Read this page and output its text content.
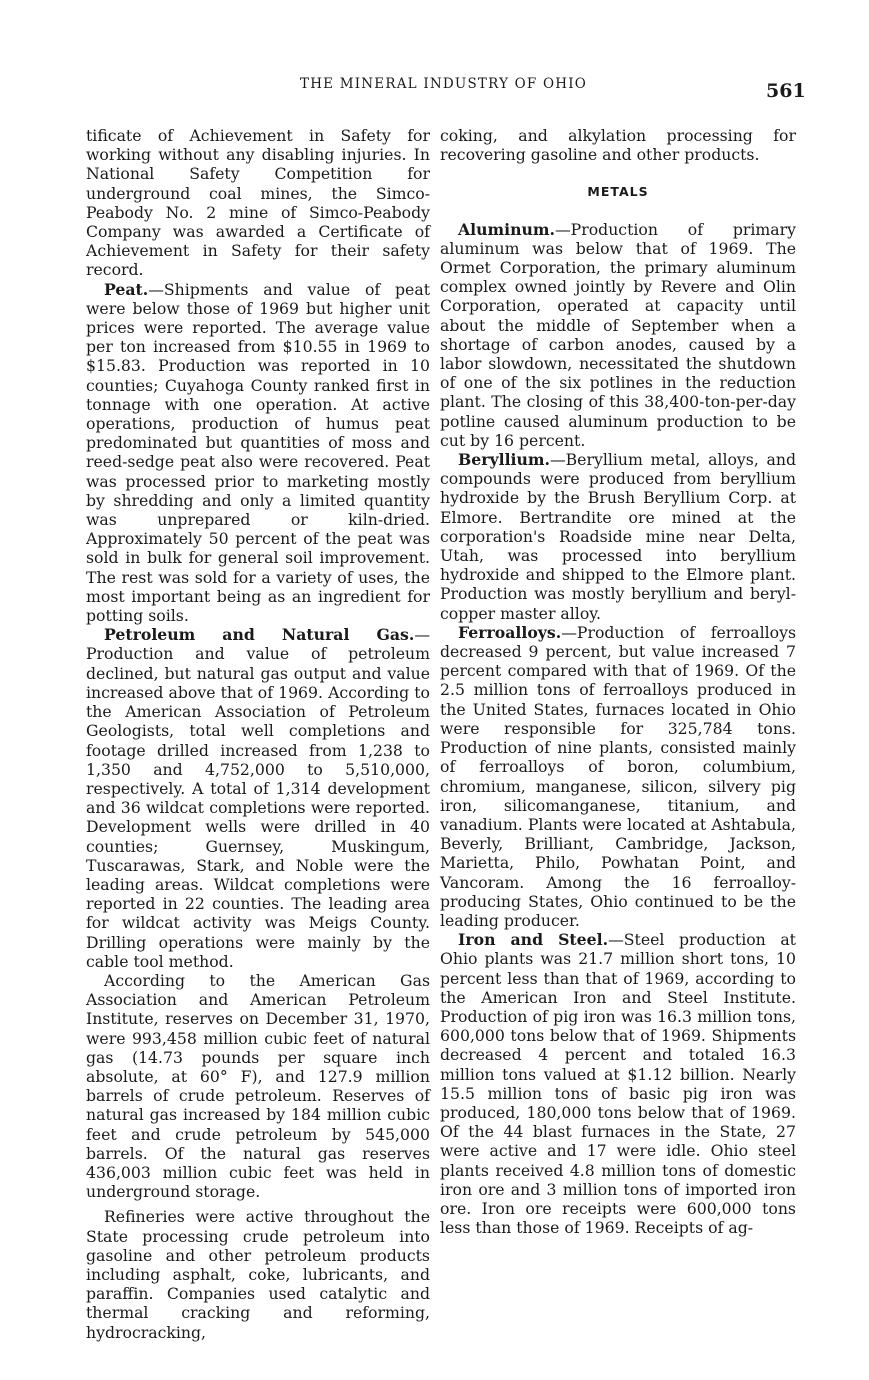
THE MINERAL INDUSTRY OF OHIO	561

tificate of Achievement in Safety for working without any disabling injuries. In National Safety Competition for underground coal mines, the Simco-Peabody No. 2 mine of Simco-Peabody Company was awarded a Certificate of Achievement in Safety for their safety record.

Peat.—Shipments and value of peat were below those of 1969 but higher unit prices were reported. The average value per ton increased from $10.55 in 1969 to $15.83. Production was reported in 10 counties; Cuyahoga County ranked first in tonnage with one operation. At active operations, production of humus peat predominated but quantities of moss and reed-sedge peat also were recovered. Peat was processed prior to marketing mostly by shredding and only a limited quantity was unprepared or kiln-dried. Approximately 50 percent of the peat was sold in bulk for general soil improvement. The rest was sold for a variety of uses, the most important being as an ingredient for potting soils.

Petroleum and Natural Gas.—Production and value of petroleum declined, but natural gas output and value increased above that of 1969. According to the American Association of Petroleum Geologists, total well completions and footage drilled increased from 1,238 to 1,350 and 4,752,000 to 5,510,000, respectively. A total of 1,314 development and 36 wildcat completions were reported. Development wells were drilled in 40 counties; Guernsey, Muskingum, Tuscarawas, Stark, and Noble were the leading areas. Wildcat completions were reported in 22 counties. The leading area for wildcat activity was Meigs County. Drilling operations were mainly by the cable tool method.

According to the American Gas Association and American Petroleum Institute, reserves on December 31, 1970, were 993,458 million cubic feet of natural gas (14.73 pounds per square inch absolute, at 60° F), and 127.9 million barrels of crude petroleum. Reserves of natural gas increased by 184 million cubic feet and crude petroleum by 545,000 barrels. Of the natural gas reserves 436,003 million cubic feet was held in underground storage.

Refineries were active throughout the State processing crude petroleum into gasoline and other petroleum products including asphalt, coke, lubricants, and paraffin. Companies used catalytic and thermal cracking and reforming, hydrocracking,

coking, and alkylation processing for recovering gasoline and other products.

METALS

Aluminum.—Production of primary aluminum was below that of 1969. The Ormet Corporation, the primary aluminum complex owned jointly by Revere and Olin Corporation, operated at capacity until about the middle of September when a shortage of carbon anodes, caused by a labor slowdown, necessitated the shutdown of one of the six potlines in the reduction plant. The closing of this 38,400-ton-per-day potline caused aluminum production to be cut by 16 percent.

Beryllium.—Beryllium metal, alloys, and compounds were produced from beryllium hydroxide by the Brush Beryllium Corp. at Elmore. Bertrandite ore mined at the corporation's Roadside mine near Delta, Utah, was processed into beryllium hydroxide and shipped to the Elmore plant. Production was mostly beryllium and beryl-copper master alloy.

Ferroalloys.—Production of ferroalloys decreased 9 percent, but value increased 7 percent compared with that of 1969. Of the 2.5 million tons of ferroalloys produced in the United States, furnaces located in Ohio were responsible for 325,784 tons. Production of nine plants, consisted mainly of ferroalloys of boron, columbium, chromium, manganese, silicon, silvery pig iron, silicomanganese, titanium, and vanadium. Plants were located at Ashtabula, Beverly, Brilliant, Cambridge, Jackson, Marietta, Philo, Powhatan Point, and Vancoram. Among the 16 ferroalloy-producing States, Ohio continued to be the leading producer.

Iron and Steel.—Steel production at Ohio plants was 21.7 million short tons, 10 percent less than that of 1969, according to the American Iron and Steel Institute. Production of pig iron was 16.3 million tons, 600,000 tons below that of 1969. Shipments decreased 4 percent and totaled 16.3 million tons valued at $1.12 billion. Nearly 15.5 million tons of basic pig iron was produced, 180,000 tons below that of 1969. Of the 44 blast furnaces in the State, 27 were active and 17 were idle. Ohio steel plants received 4.8 million tons of domestic iron ore and 3 million tons of imported iron ore. Iron ore receipts were 600,000 tons less than those of 1969. Receipts of ag-
